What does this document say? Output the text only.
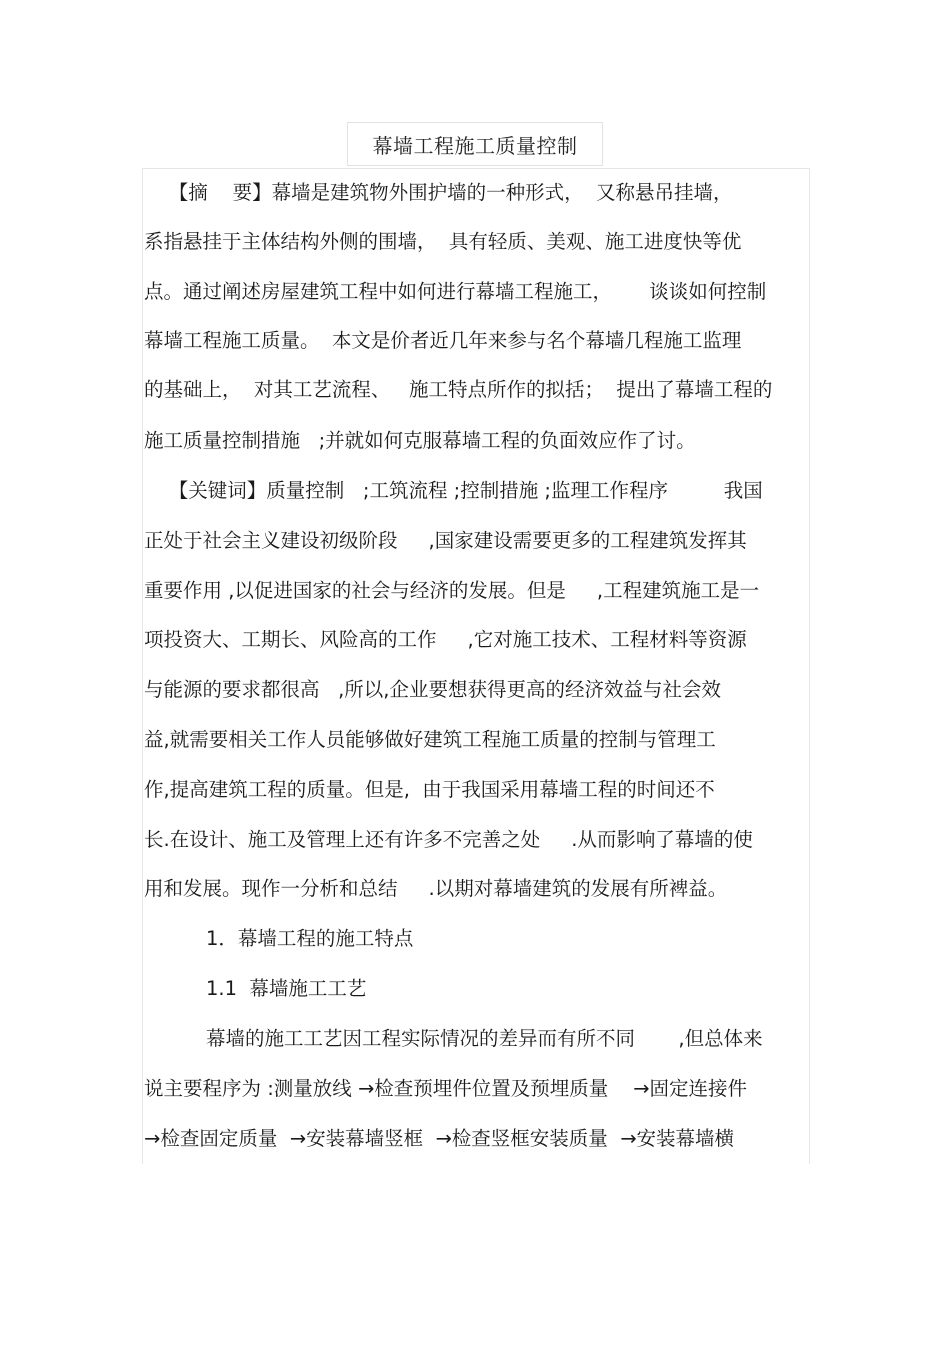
幕墙工程施工质量控制
【摘    要】幕墙是建筑物外围护墙的一种形式，  又称悬吊挂墙，
系指悬挂于主体结构外侧的围墙，  具有轻质、美观、施工进度快等优
点。通过阐述房屋建筑工程中如何进行幕墙工程施工，      谈谈如何控制
幕墙工程施工质量。  本文是价者近几年来参与名个幕墙几程施工监理
的基础上，  对其工艺流程、   施工特点所作的拟括；  提出了幕墙工程的
施工质量控制措施   ;并就如何克服幕墙工程的负面效应作了讨。
【关键词】质量控制   ;工筑流程 ;控制措施 ;监理工作程序         我国
正处于社会主义建设初级阶段     ,国家建设需要更多的工程建筑发挥其
重要作用 ,以促进国家的社会与经济的发展。但是     ,工程建筑施工是一
项投资大、工期长、风险高的工作     ,它对施工技术、工程材料等资源
与能源的要求都很高   ,所以,企业要想获得更高的经济效益与社会效
益,就需要相关工作人员能够做好建筑工程施工质量的控制与管理工
作,提高建筑工程的质量。但是,  由于我国采用幕墙工程的时间还不
长.在设计、施工及管理上还有许多不完善之处     .从而影响了幕墙的使
用和发展。现作一分析和总结     .以期对幕墙建筑的发展有所裨益。
1．幕墙工程的施工特点
1.1  幕墙施工工艺
幕墙的施工工艺因工程实际情况的差异而有所不同       ,但总体来
说主要程序为 :测量放线 →检查预埋件位置及预埋质量    →固定连接件
→检查固定质量  →安装幕墙竖框  →检查竖框安装质量  →安装幕墙横
